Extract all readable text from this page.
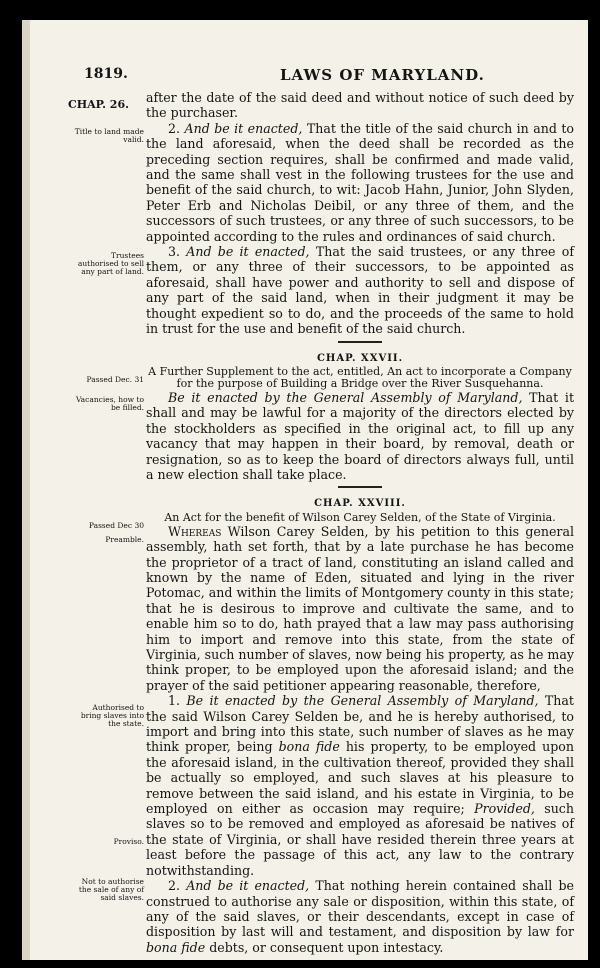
1819.	LAWS OF MARYLAND.
CHAP. 26.
Title to land made valid.
Trustees authorised to sell any part of land.
Passed Dec. 31
Vacancies, how to be filled.
Passed Dec 30
Preamble.
Authorised to bring slaves into the state.
Proviso.
Not to authorise the sale of any of said slaves.

after the date of the said deed and without notice of such deed by the purchaser.

2. And be it enacted, That the title of the said church in and to the land aforesaid, when the deed shall be recorded as the preceding section requires, shall be confirmed and made valid, and the same shall vest in the following trustees for the use and benefit of the said church, to wit: Jacob Hahn, Junior, John Slyden, Peter Erb and Nicholas Deibil, or any three of them, and the successors of such trustees, or any three of such successors, to be appointed according to the rules and ordinances of said church.

3. And be it enacted, That the said trustees, or any three of them, or any three of their successors, to be appointed as aforesaid, shall have power and authority to sell and dispose of any part of the said land, when in their judgment it may be thought expedient so to do, and the proceeds of the same to hold in trust for the use and benefit of the said church.

CHAP. XXVII.

A Further Supplement to the act, entitled, An act to incorporate a Company for the purpose of Building a Bridge over the River Susquehanna.

Be it enacted by the General Assembly of Maryland, That it shall and may be lawful for a majority of the directors elected by the stockholders as specified in the original act, to fill up any vacancy that may happen in their board, by removal, death or resignation, so as to keep the board of directors always full, until a new election shall take place.

CHAP. XXVIII.

An Act for the benefit of Wilson Carey Selden, of the State of Virginia.

Whereas Wilson Carey Selden, by his petition to this general assembly, hath set forth, that by a late purchase he has become the proprietor of a tract of land, constituting an island called and known by the name of Eden, situated and lying in the river Potomac, and within the limits of Montgomery county in this state; that he is desirous to improve and cultivate the same, and to enable him so to do, hath prayed that a law may pass authorising him to import and remove into this state, from the state of Virginia, such number of slaves, now being his property, as he may think proper, to be employed upon the aforesaid island; and the prayer of the said petitioner appearing reasonable, therefore,

1. Be it enacted by the General Assembly of Maryland, That the said Wilson Carey Selden be, and he is hereby authorised, to import and bring into this state, such number of slaves as he may think proper, being bona fide his property, to be employed upon the aforesaid island, in the cultivation thereof, provided they shall be actually so employed, and such slaves at his pleasure to remove between the said island, and his estate in Virginia, to be employed on either as occasion may require; Provided, such slaves so to be removed and employed as aforesaid be natives of the state of Virginia, or shall have resided therein three years at least before the passage of this act, any law to the contrary notwithstanding.

2. And be it enacted, That nothing herein contained shall be construed to authorise any sale or disposition, within this state, of any of the said slaves, or their descendants, except in case of disposition by last will and testament, and disposition by law for bona fide debts, or consequent upon intestacy.
